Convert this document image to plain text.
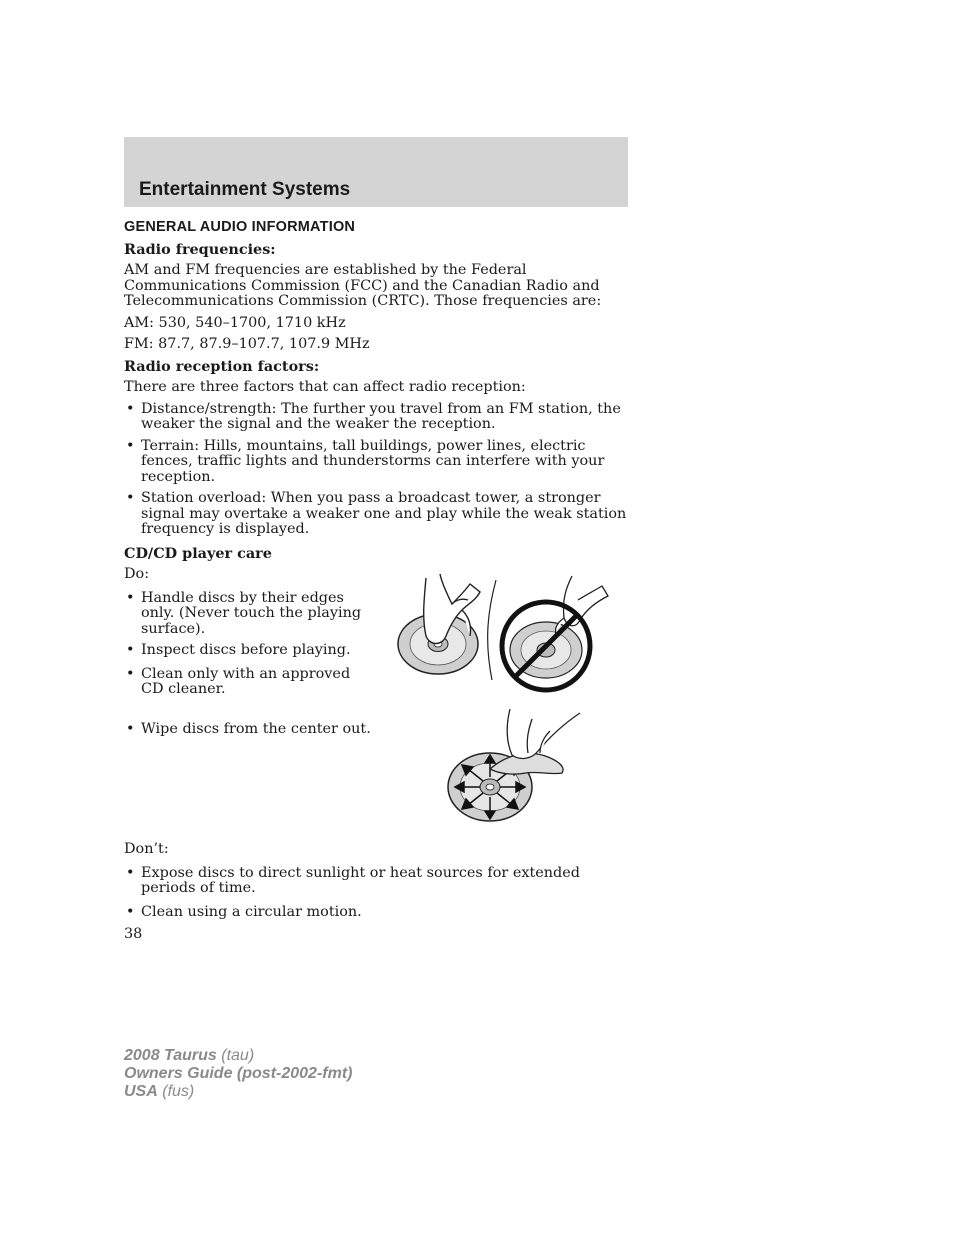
Entertainment Systems
GENERAL AUDIO INFORMATION
Radio frequencies:

AM and FM frequencies are established by the Federal Communications Commission (FCC) and the Canadian Radio and Telecommunications Commission (CRTC). Those frequencies are:

AM: 530, 540–1700, 1710 kHz

FM: 87.7, 87.9–107.7, 107.9 MHz

Radio reception factors:

There are three factors that can affect radio reception:

• Distance/strength: The further you travel from an FM station, the weaker the signal and the weaker the reception.
• Terrain: Hills, mountains, tall buildings, power lines, electric fences, traffic lights and thunderstorms can interfere with your reception.
• Station overload: When you pass a broadcast tower, a stronger signal may overtake a weaker one and play while the weak station frequency is displayed.
CD/CD player care

Do:

• Handle discs by their edges only. (Never touch the playing surface).
• Inspect discs before playing.
• Clean only with an approved CD cleaner.
• Wipe discs from the center out.

Don’t:

• Expose discs to direct sunlight or heat sources for extended periods of time.
• Clean using a circular motion.
38
2008 Taurus (tau)
Owners Guide (post-2002-fmt)
USA (fus)
